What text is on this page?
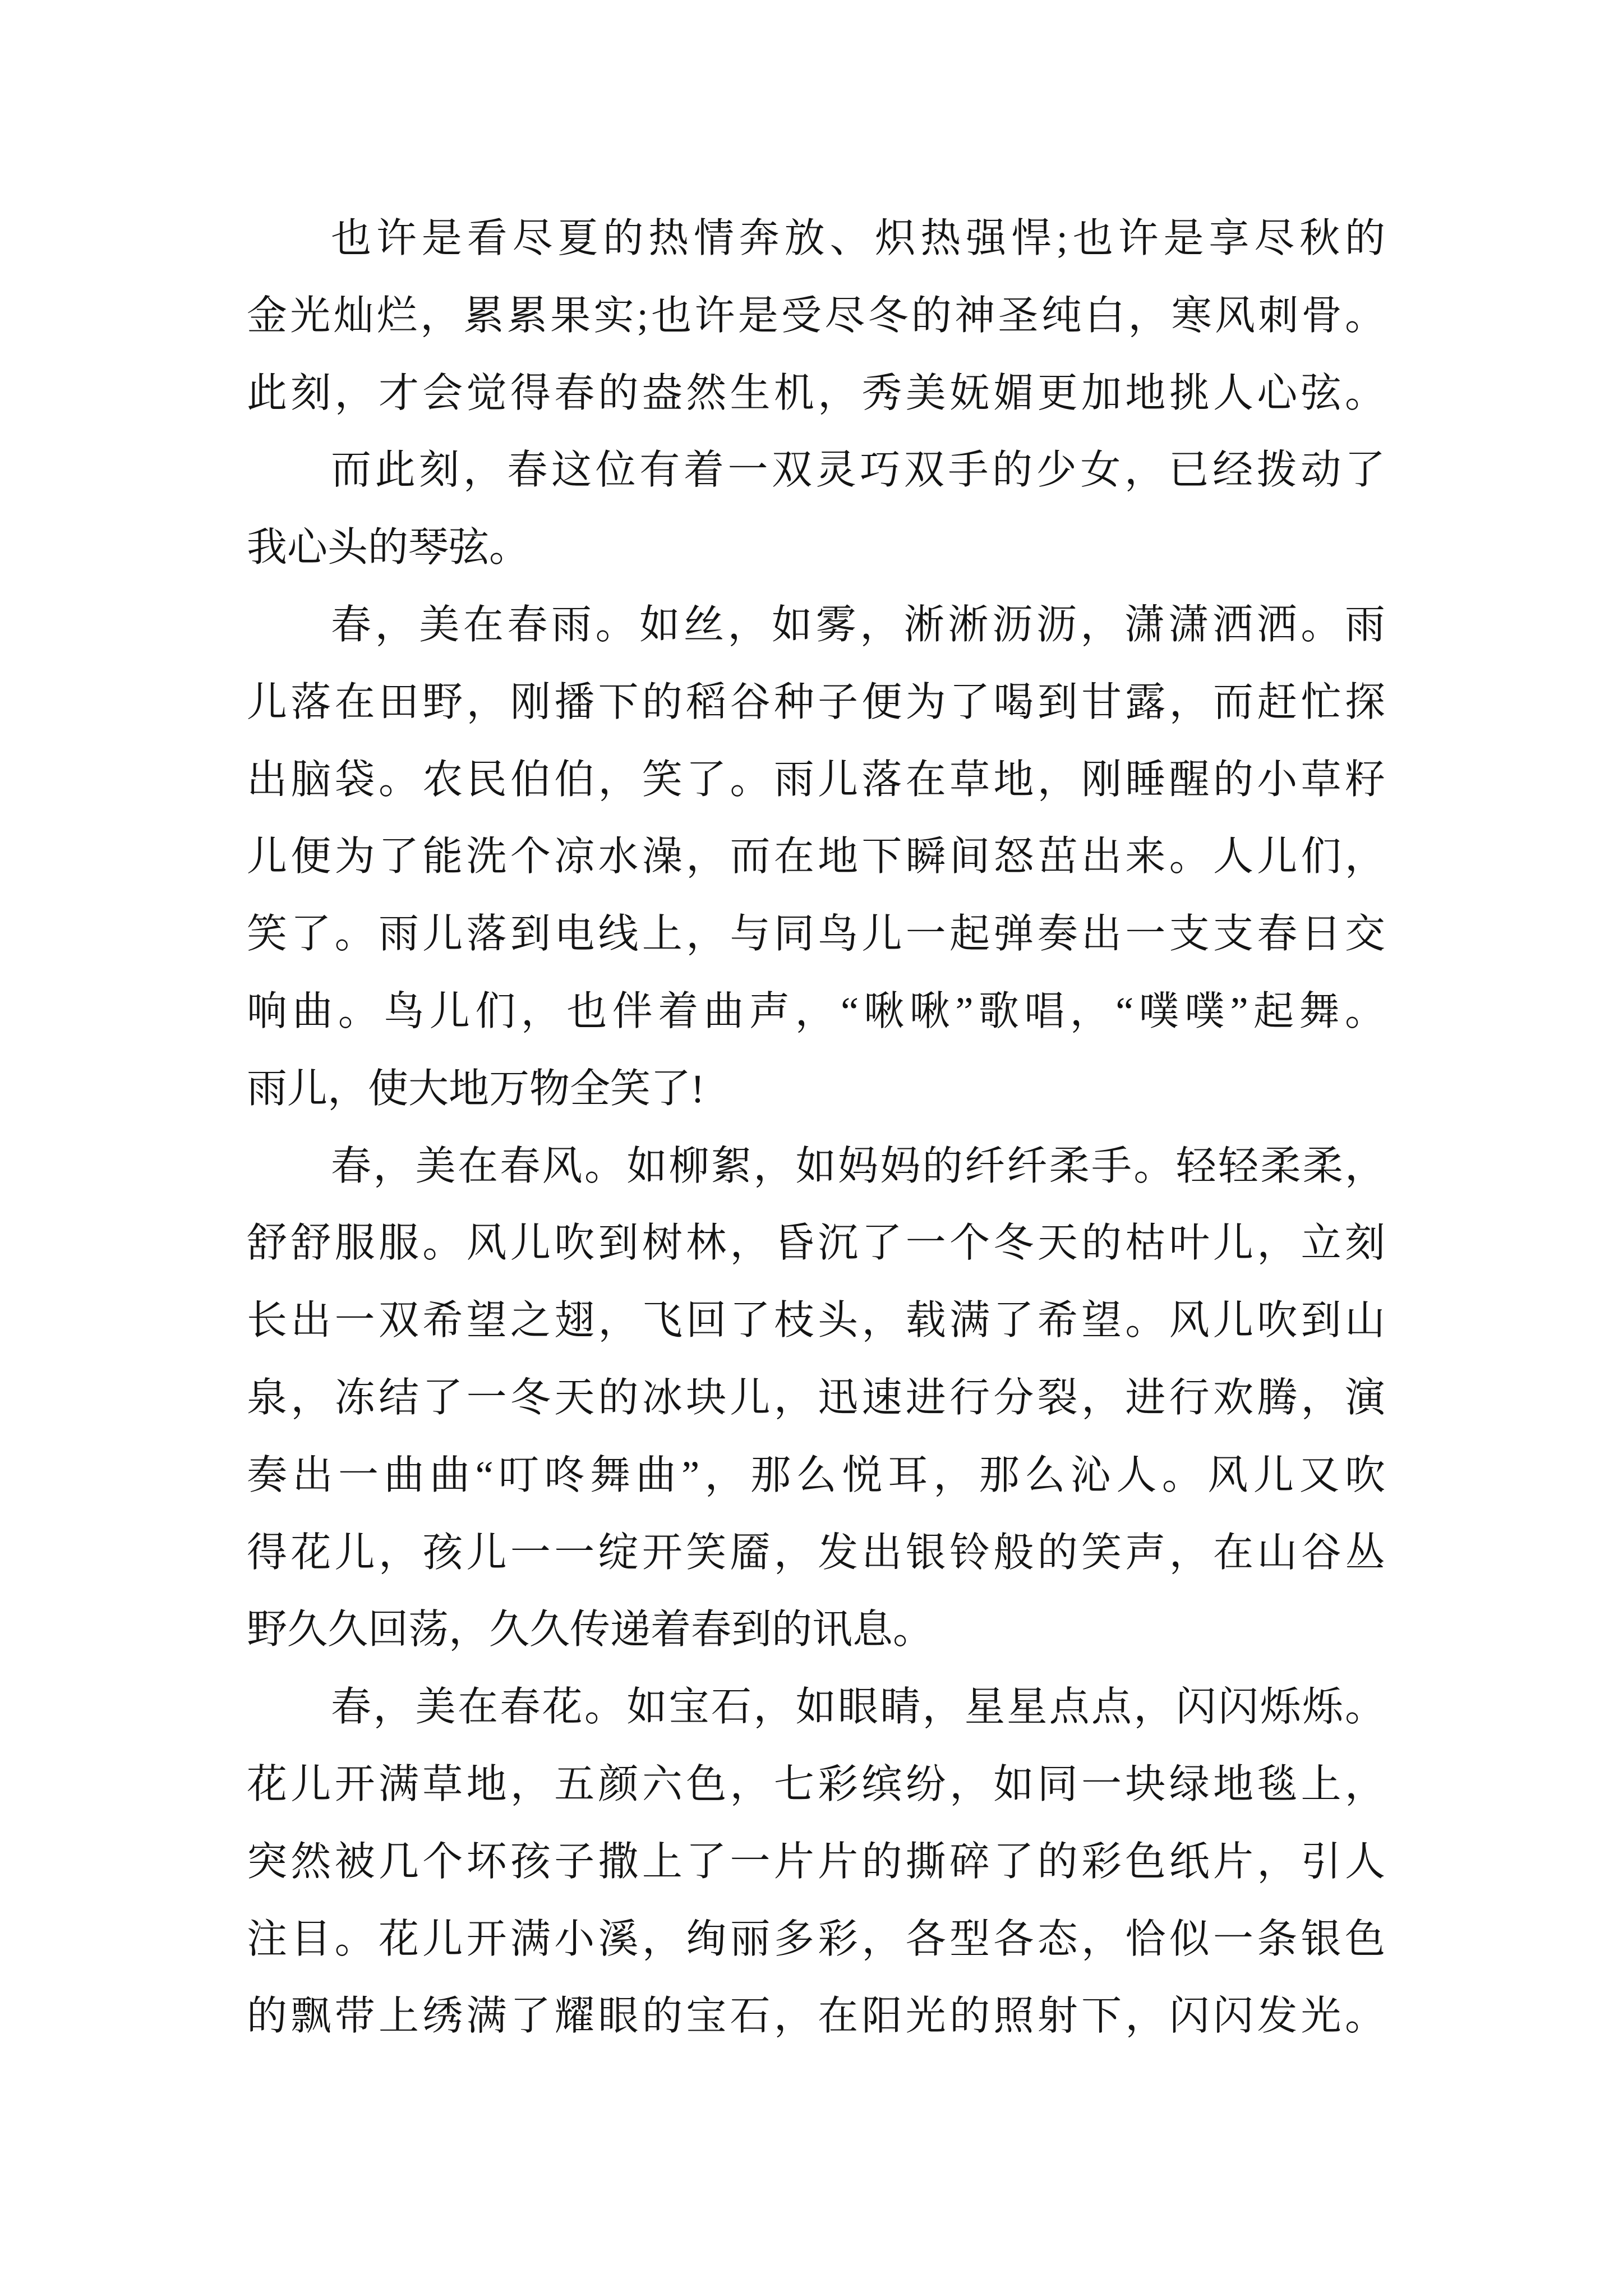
也许是看尽夏的热情奔放、炽热强悍;也许是享尽秋的
金光灿烂，累累果实;也许是受尽冬的神圣纯白，寒风刺骨。
此刻，才会觉得春的盎然生机，秀美妩媚更加地挑人心弦。
而此刻，春这位有着一双灵巧双手的少女，已经拨动了
我心头的琴弦。
春，美在春雨。如丝，如雾，淅淅沥沥，潇潇洒洒。雨
儿落在田野，刚播下的稻谷种子便为了喝到甘露，而赶忙探
出脑袋。农民伯伯，笑了。雨儿落在草地，刚睡醒的小草籽
儿便为了能洗个凉水澡，而在地下瞬间怒茁出来。人儿们，
笑了。雨儿落到电线上，与同鸟儿一起弹奏出一支支春日交
响曲。鸟儿们，也伴着曲声，“啾啾”歌唱，“噗噗”起舞。
雨儿，使大地万物全笑了!
春，美在春风。如柳絮，如妈妈的纤纤柔手。轻轻柔柔，
舒舒服服。风儿吹到树林，昏沉了一个冬天的枯叶儿，立刻
长出一双希望之翅，飞回了枝头，载满了希望。风儿吹到山
泉，冻结了一冬天的冰块儿，迅速进行分裂，进行欢腾，演
奏出一曲曲“叮咚舞曲”，那么悦耳，那么沁人。风儿又吹
得花儿，孩儿一一绽开笑靥，发出银铃般的笑声，在山谷丛
野久久回荡，久久传递着春到的讯息。
春，美在春花。如宝石，如眼睛，星星点点，闪闪烁烁。
花儿开满草地，五颜六色，七彩缤纷，如同一块绿地毯上，
突然被几个坏孩子撒上了一片片的撕碎了的彩色纸片，引人
注目。花儿开满小溪，绚丽多彩，各型各态，恰似一条银色
的飘带上绣满了耀眼的宝石，在阳光的照射下，闪闪发光。
